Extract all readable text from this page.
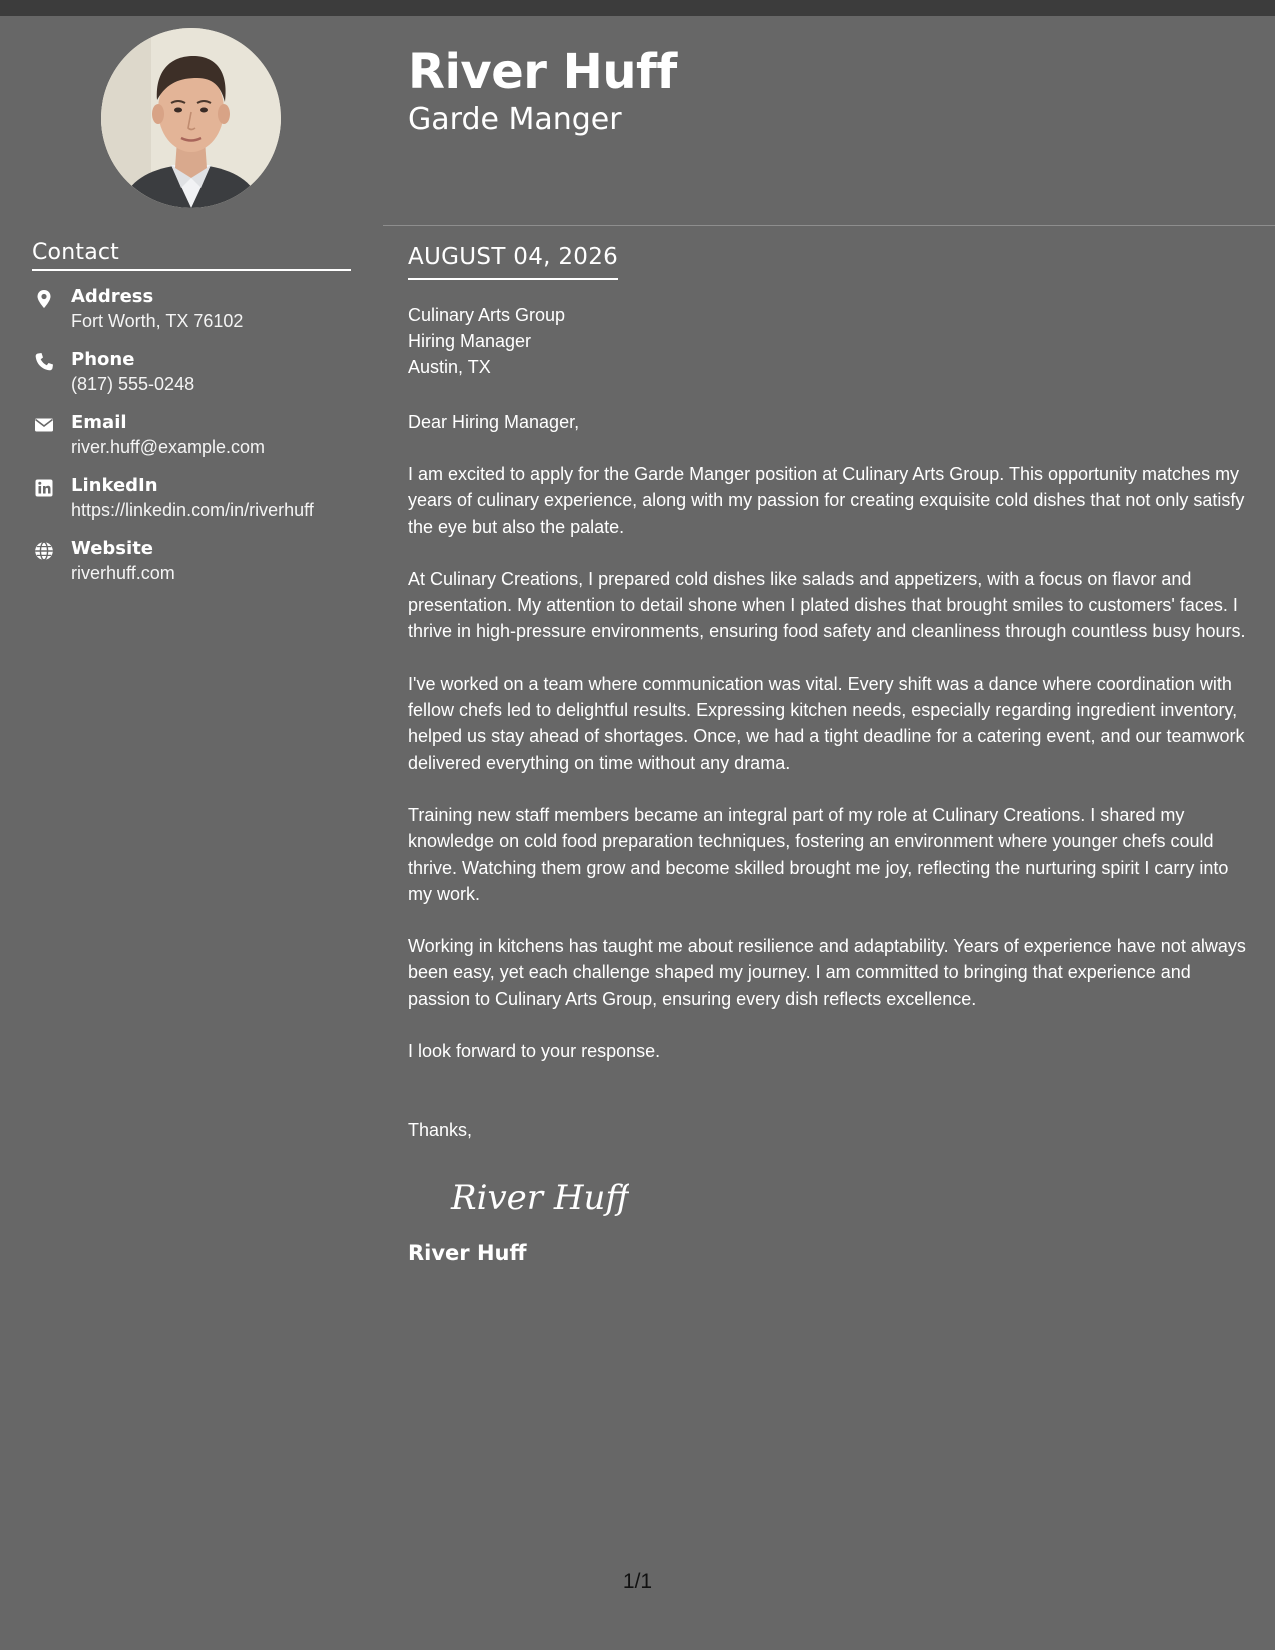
River Huff
Garde Manger
Contact
Address
Fort Worth, TX 76102
Phone
(817) 555-0248
Email
river.huff@example.com
LinkedIn
https://linkedin.com/in/riverhuff
Website
riverhuff.com
AUGUST 04, 2026
Culinary Arts Group
Hiring Manager
Austin, TX
Dear Hiring Manager,

I am excited to apply for the Garde Manger position at Culinary Arts Group. This opportunity matches my years of culinary experience, along with my passion for creating exquisite cold dishes that not only satisfy the eye but also the palate.

At Culinary Creations, I prepared cold dishes like salads and appetizers, with a focus on flavor and presentation. My attention to detail shone when I plated dishes that brought smiles to customers' faces. I thrive in high-pressure environments, ensuring food safety and cleanliness through countless busy hours.

I've worked on a team where communication was vital. Every shift was a dance where coordination with fellow chefs led to delightful results. Expressing kitchen needs, especially regarding ingredient inventory, helped us stay ahead of shortages. Once, we had a tight deadline for a catering event, and our teamwork delivered everything on time without any drama.

Training new staff members became an integral part of my role at Culinary Creations. I shared my knowledge on cold food preparation techniques, fostering an environment where younger chefs could thrive. Watching them grow and become skilled brought me joy, reflecting the nurturing spirit I carry into my work.

Working in kitchens has taught me about resilience and adaptability. Years of experience have not always been easy, yet each challenge shaped my journey. I am committed to bringing that experience and passion to Culinary Arts Group, ensuring every dish reflects excellence.

I look forward to your response.

Thanks,
River Huff
River Huff
1/1
